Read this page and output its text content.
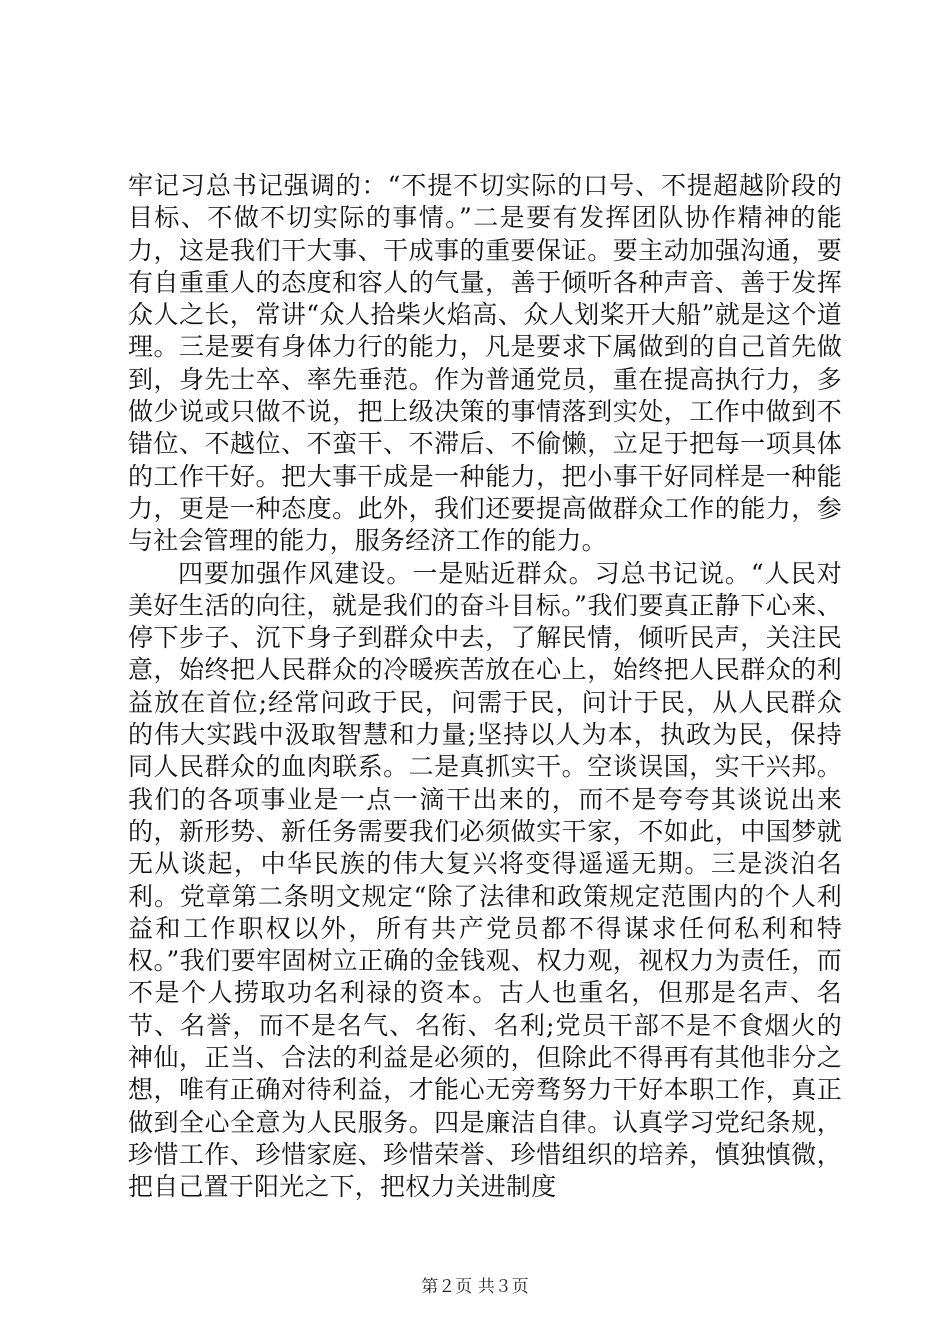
牢记习总书记强调的：“不提不切实际的口号、不提超越阶段的目标、不做不切实际的事情。”二是要有发挥团队协作精神的能力，这是我们干大事、干成事的重要保证。要主动加强沟通，要有自重重人的态度和容人的气量，善于倾听各种声音、善于发挥众人之长，常讲“众人拾柴火焰高、众人划桨开大船”就是这个道理。三是要有身体力行的能力，凡是要求下属做到的自己首先做到，身先士卒、率先垂范。作为普通党员，重在提高执行力，多做少说或只做不说，把上级决策的事情落到实处，工作中做到不错位、不越位、不蛮干、不滞后、不偷懒，立足于把每一项具体的工作干好。把大事干成是一种能力，把小事干好同样是一种能力，更是一种态度。此外，我们还要提高做群众工作的能力，参与社会管理的能力，服务经济工作的能力。

四要加强作风建设。一是贴近群众。习总书记说。“人民对美好生活的向往，就是我们的奋斗目标。”我们要真正静下心来、停下步子、沉下身子到群众中去，了解民情，倾听民声，关注民意，始终把人民群众的冷暖疾苦放在心上，始终把人民群众的利益放在首位;经常问政于民，问需于民，问计于民，从人民群众的伟大实践中汲取智慧和力量;坚持以人为本，执政为民，保持同人民群众的血肉联系。二是真抓实干。空谈误国，实干兴邦。我们的各项事业是一点一滴干出来的，而不是夸夸其谈说出来的，新形势、新任务需要我们必须做实干家，不如此，中国梦就无从谈起，中华民族的伟大复兴将变得遥遥无期。三是淡泊名利。党章第二条明文规定“除了法律和政策规定范围内的个人利益和工作职权以外，所有共产党员都不得谋求任何私利和特权。”我们要牢固树立正确的金钱观、权力观，视权力为责任，而不是个人捞取功名利禄的资本。古人也重名，但那是名声、名节、名誉，而不是名气、名衔、名利;党员干部不是不食烟火的神仙，正当、合法的利益是必须的，但除此不得再有其他非分之想，唯有正确对待利益，才能心无旁骛努力干好本职工作，真正做到全心全意为人民服务。四是廉洁自律。认真学习党纪条规，珍惜工作、珍惜家庭、珍惜荣誉、珍惜组织的培养，慎独慎微，把自己置于阳光之下，把权力关进制度

第２页 共３页
